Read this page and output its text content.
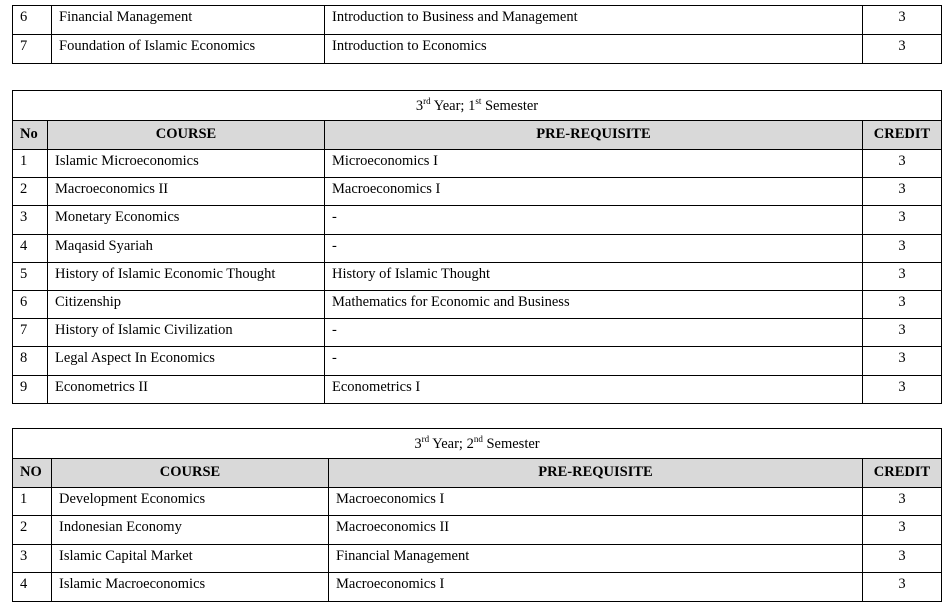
6	Financial Management	Introduction to Business and Management	3
7	Foundation of Islamic Economics	Introduction to Economics	3
3rd Year; 1st Semester			
No	COURSE	PRE-REQUISITE	CREDIT
1	Islamic Microeconomics	Microeconomics I	3
2	Macroeconomics II	Macroeconomics I	3
3	Monetary Economics	-	3
4	Maqasid Syariah	-	3
5	History of Islamic Economic Thought	History of Islamic Thought	3
6	Citizenship	Mathematics for Economic and Business	3
7	History of Islamic Civilization	-	3
8	Legal Aspect In Economics	-	3
9	Econometrics II	Econometrics I	3
3rd Year; 2nd Semester			
NO	COURSE	PRE-REQUISITE	CREDIT
1	Development Economics	Macroeconomics I	3
2	Indonesian Economy	Macroeconomics II	3
3	Islamic Capital Market	Financial Management	3
4	Islamic Macroeconomics	Macroeconomics I	3
